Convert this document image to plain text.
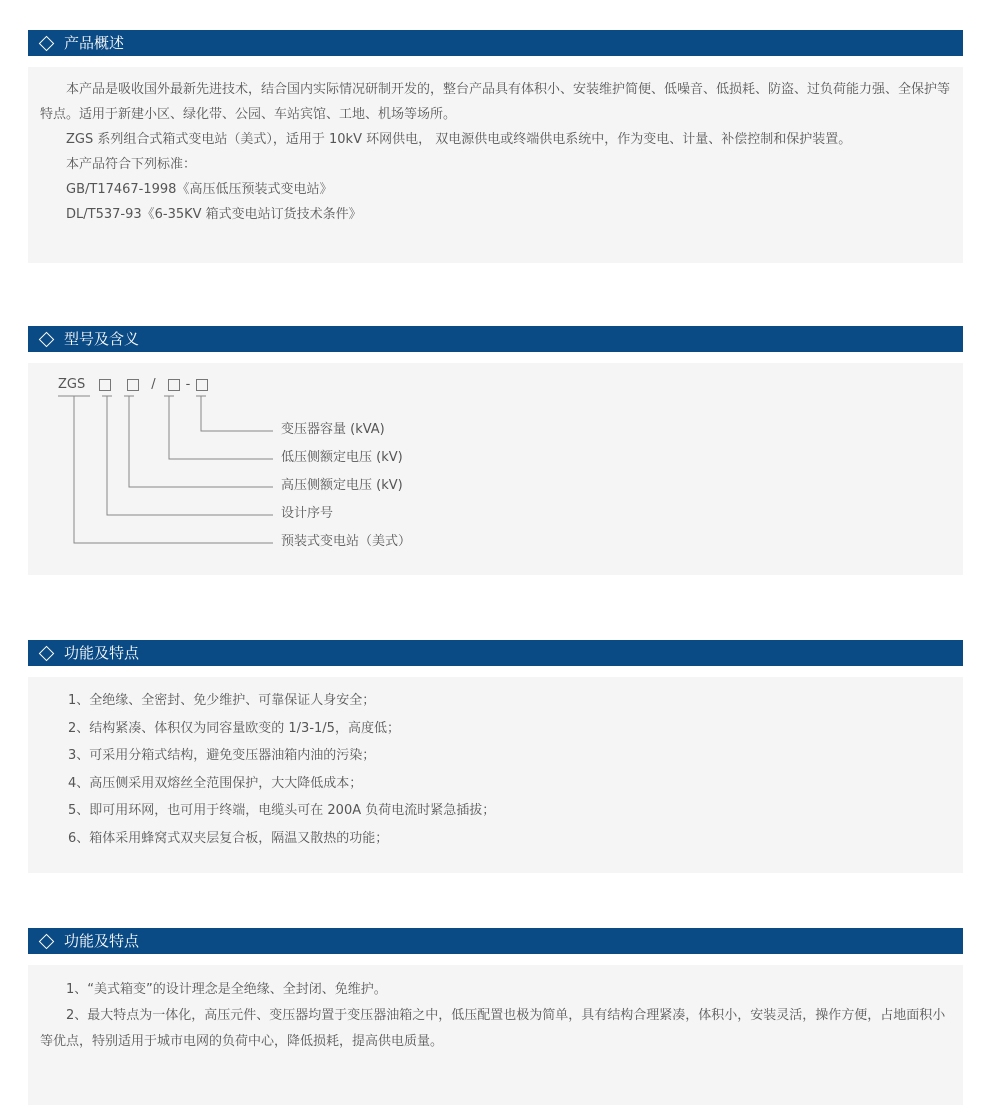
产品概述

本产品是吸收国外最新先进技术，结合国内实际情况研制开发的，整台产品具有体积小、安装维护简便、低噪音、低损耗、防盗、过负荷能力强、全保护等特点。适用于新建小区、绿化带、公园、车站宾馆、工地、机场等场所。

ZGS 系列组合式箱式变电站（美式），适用于 10kV 环网供电， 双电源供电或终端供电系统中，作为变电、计量、补偿控制和保护装置。

本产品符合下列标准：

GB/T17467-1998《高压低压预装式变电站》

DL/T537-93《6-35KV 箱式变电站订货技术条件》

型号及含义
ZGS	/ -
变压器容量 (kVA)
低压侧额定电压 (kV)
高压侧额定电压 (kV)
设计序号
预装式变电站（美式）
功能及特点

1、全绝缘、全密封、免少维护、可靠保证人身安全；

2、结构紧凑、体积仅为同容量欧变的 1/3-1/5，高度低；

3、可采用分箱式结构，避免变压器油箱内油的污染；

4、高压侧采用双熔丝全范围保护，大大降低成本；

5、即可用环网，也可用于终端，电缆头可在 200A 负荷电流时紧急插拔；

6、箱体采用蜂窝式双夹层复合板，隔温又散热的功能；

功能及特点

1、“美式箱变”的设计理念是全绝缘、全封闭、免维护。

2、最大特点为一体化，高压元件、变压器均置于变压器油箱之中，低压配置也极为简单，具有结构合理紧凑，体积小，安装灵活，操作方便，占地面积小等优点，特别适用于城市电网的负荷中心，降低损耗，提高供电质量。
